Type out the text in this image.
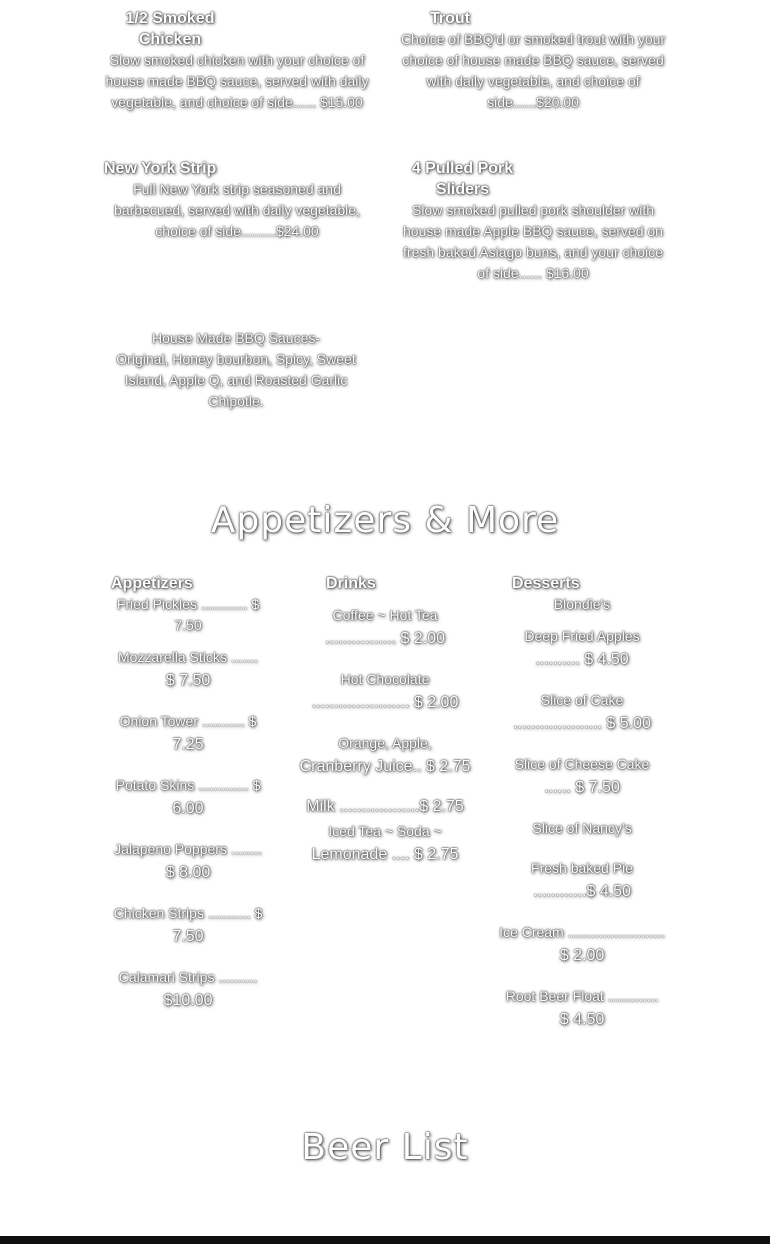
1/2 Smoked
Chicken
Slow smoked chicken with your choice of house made BBQ sauce, served with daily vegetable, and choice of side...... $15.00
Trout
Choice of BBQ'd or smoked trout with your choice of house made BBQ sauce, served with daily vegetable, and choice of side......$20.00
New York Strip
Full New York strip seasoned and barbecued, served with daily vegetable, choice of side.........$24.00
4 Pulled Pork
Sliders
Slow smoked pulled pork shoulder with house made Apple BBQ sauce, served on fresh baked Asiago buns, and your choice of side...... $16.00
House Made BBQ Sauces-
Original, Honey bourbon, Spicy, Sweet Island, Apple Q, and Roasted Garlic Chipotle.
Appetizers & More
Appetizers	Drinks	Desserts
Fried Pickles ............ $
7.50
Mozzarella Sticks .......
$ 7.50
Onion Tower ........... $
7.25
Potato Skins ............. $
6.00
Jalapeno Poppers ........
$ 8.00
Chicken Strips ........... $
7.50
Calamari Strips ..........
$10.00
Coffee ~ Hot Tea
................ $ 2.00
Hot Chocolate
...................... $ 2.00
Orange, Apple,
Cranberry Juice.. $ 2.75
Milk ..................$ 2.75
Iced Tea ~ Soda ~
Lemonade .... $ 2.75
Blondie's
Deep Fried Apples
.......... $ 4.50
Slice of Cake
.................... $ 5.00
Slice of Cheese Cake
...... $ 7.50
Slice of Nancy's
Fresh baked Pie
............$ 4.50
Ice Cream .........................
$ 2.00
Root Beer Float .............
$ 4.50
Beer List
